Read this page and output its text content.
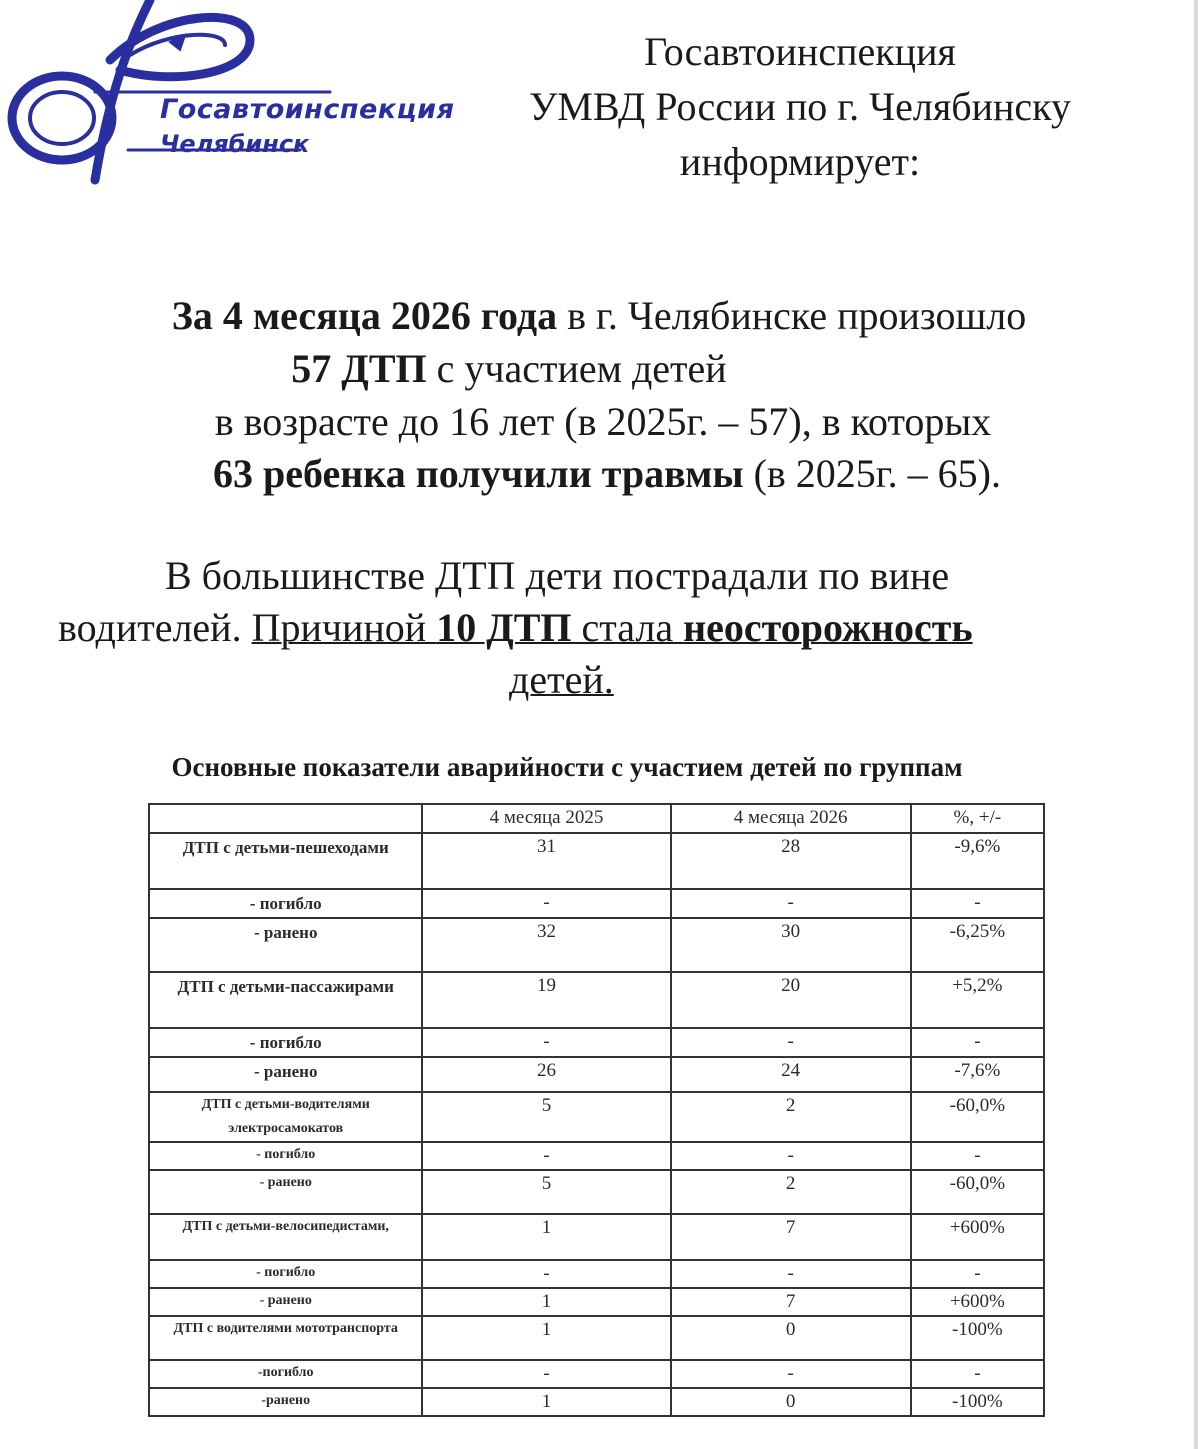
Госавтоинспекция
Челябинск
Госавтоинспекция
УМВД России по г. Челябинску
информирует:
За 4 месяца 2026 года в г. Челябинске произошло
57 ДТП с участием детей
в возрасте до 16 лет (в 2025г. – 57), в которых
63 ребенка получили травмы (в 2025г. – 65).
В большинстве ДТП дети пострадали по вине
водителей. Причиной 10 ДТП стала неосторожность
детей.
Основные показатели аварийности с участием детей по группам
	4 месяца 2025	4 месяца 2026	%, +/-
ДТП с детьми-пешеходами	31	28	-9,6%
- погибло	-	-	-
- ранено	32	30	-6,25%
ДТП с детьми-пассажирами	19	20	+5,2%
- погибло	-	-	-
- ранено	26	24	-7,6%
ДТП с детьми-водителями электросамокатов	5	2	-60,0%
- погибло	-	-	-
- ранено	5	2	-60,0%
ДТП с детьми-велосипедистами,	1	7	+600%
- погибло	-	-	-
- ранено	1	7	+600%
ДТП с водителями мототранспорта	1	0	-100%
-погибло	-	-	-
-ранено	1	0	-100%
